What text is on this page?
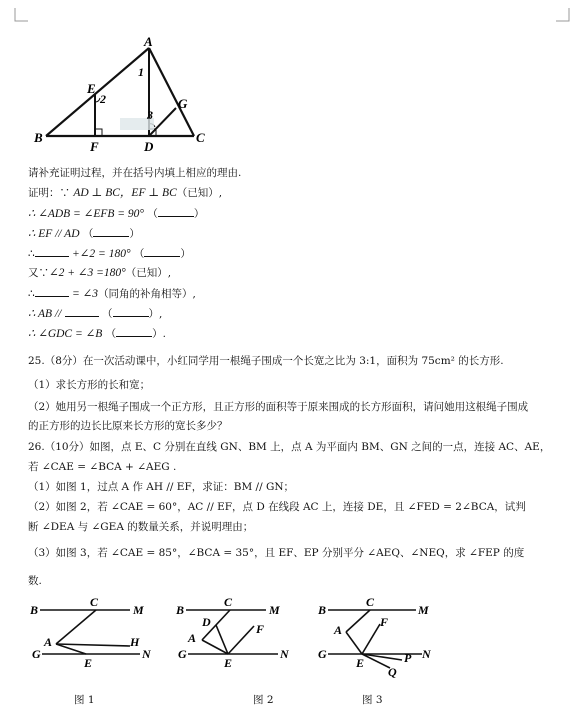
A
B	C
D
E
F
G
1
2
3
请补充证明过程，并在括号内填上相应的理由.
证明：∵ AD ⊥ BC，EF ⊥ BC（已知）,
∴ ∠ADB = ∠EFB = 90° （	）
∴ EF // AD （	）
∴	+∠2 = 180° （	）
又∵∠2 + ∠3 =180°（已知）,
∴	= ∠3（同角的补角相等）,
∴ AB //	（	）,
∴ ∠GDC = ∠B （	）.
25.（8分）在一次活动课中，小红同学用一根绳子围成一个长宽之比为 3:1，面积为 75cm² 的长方形.
（1）求长方形的长和宽；
（2）她用另一根绳子围成一个正方形，且正方形的面积等于原来围成的长方形面积，请问她用这根绳子围成
的正方形的边长比原来长方形的宽长多少？
26.（10分）如图，点 E、C 分别在直线 GN、BM 上，点 A 为平面内 BM、GN 之间的一点，连接 AC、AE，
若 ∠CAE = ∠BCA + ∠AEG .
（1）如图 1，过点 A 作 AH // EF，求证：BM // GN；
（2）如图 2，若 ∠CAE = 60°，AC // EF，点 D 在线段 AC 上，连接 DE，且 ∠FED = 2∠BCA，试判
断 ∠DEA 与 ∠GEA 的数量关系，并说明理由；
（3）如图 3，若 ∠CAE = 85°，∠BCA = 35°，且 EF、EP 分别平分 ∠AEQ、∠NEQ，求 ∠FEP 的度
数.
B
C
M
A	H
G
E
N
图 1
B
C
M
D	F
A
G
E
N
图 2
B
C
M
A
F
G
E	P N
Q
图 3
